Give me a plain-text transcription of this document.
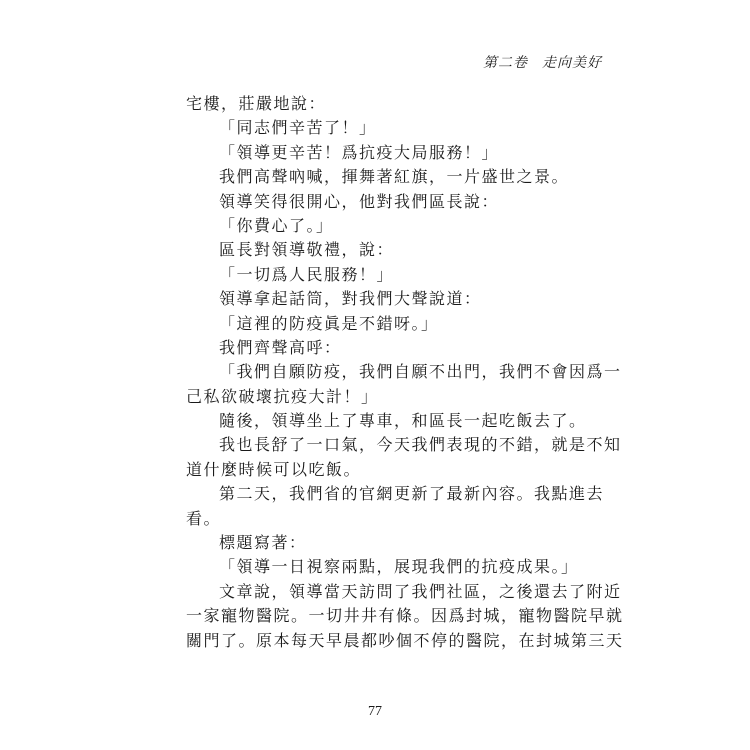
第二卷 走向美好
宅樓，莊嚴地說：
「同志們辛苦了！」
「領導更辛苦！爲抗疫大局服務！」
我們高聲吶喊，揮舞著紅旗，一片盛世之景。
領導笑得很開心，他對我們區長說：
「你費心了。」
區長對領導敬禮，說：
「一切爲人民服務！」
領導拿起話筒，對我們大聲說道：
「這裡的防疫眞是不錯呀。」
我們齊聲高呼：
「我們自願防疫，我們自願不出門，我們不會因爲一
己私欲破壞抗疫大計！」
隨後，領導坐上了專車，和區長一起吃飯去了。
我也長舒了一口氣，今天我們表現的不錯，就是不知
道什麼時候可以吃飯。
第二天，我們省的官網更新了最新內容。我點進去
看。
標題寫著：
「領導一日視察兩點，展現我們的抗疫成果。」
文章說，領導當天訪問了我們社區，之後還去了附近
一家寵物醫院。一切井井有條。因爲封城，寵物醫院早就
關門了。原本每天早晨都吵個不停的醫院，在封城第三天
77
